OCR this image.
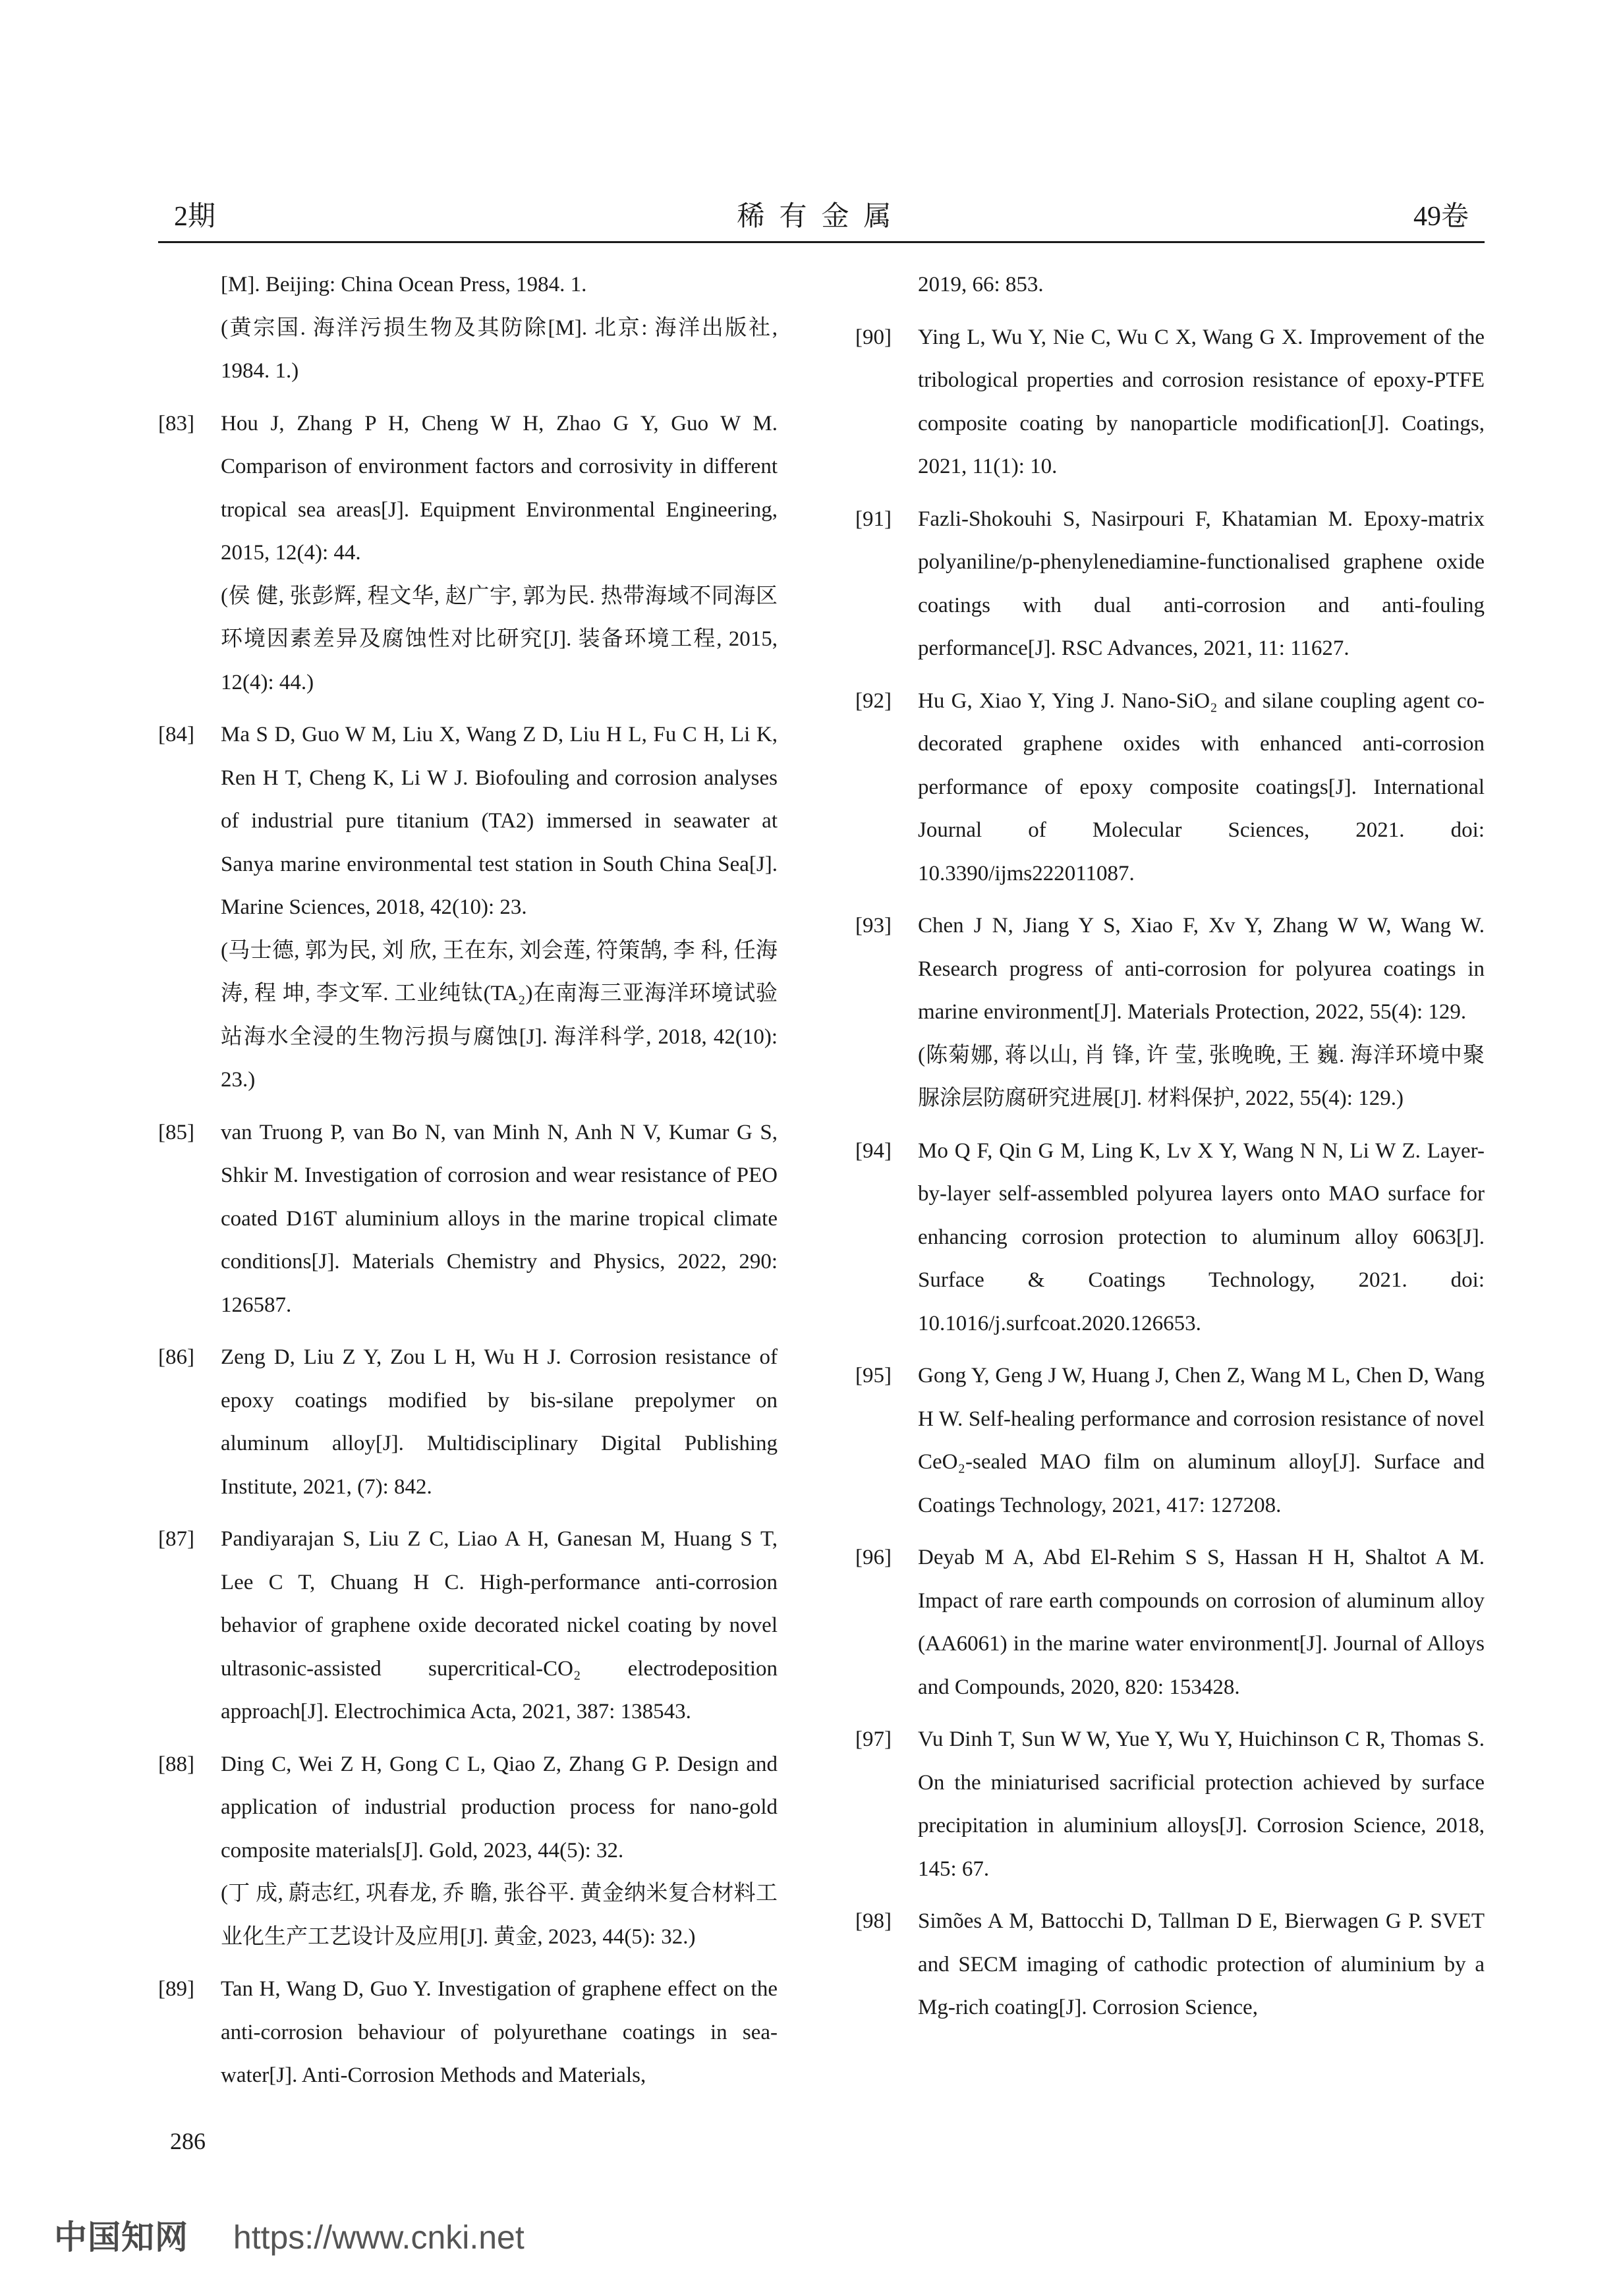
2期	稀有金属	49卷
[M]. Beijing: China Ocean Press, 1984. 1.
(黄宗国. 海洋污损生物及其防除[M]. 北京: 海洋出版社, 1984. 1.)
[83] Hou J, Zhang P H, Cheng W H, Zhao G Y, Guo W M. Comparison of environment factors and corrosivity in different tropical sea areas[J]. Equipment Environmental Engineering, 2015, 12(4): 44.
(侯 健, 张彭辉, 程文华, 赵广宇, 郭为民. 热带海域不同海区环境因素差异及腐蚀性对比研究[J]. 装备环境工程, 2015, 12(4): 44.)
[84] Ma S D, Guo W M, Liu X, Wang Z D, Liu H L, Fu C H, Li K, Ren H T, Cheng K, Li W J. Biofouling and corrosion analyses of industrial pure titanium (TA2) immersed in seawater at Sanya marine environmental test station in South China Sea[J]. Marine Sciences, 2018, 42(10): 23.
(马士德, 郭为民, 刘 欣, 王在东, 刘会莲, 符策鹄, 李 科, 任海涛, 程 坤, 李文军. 工业纯钛(TA₂)在南海三亚海洋环境试验站海水全浸的生物污损与腐蚀[J]. 海洋科学, 2018, 42(10): 23.)
[85] van Truong P, van Bo N, van Minh N, Anh N V, Kumar G S, Shkir M. Investigation of corrosion and wear resistance of PEO coated D16T aluminium alloys in the marine tropical climate conditions[J]. Materials Chemistry and Physics, 2022, 290: 126587.
[86] Zeng D, Liu Z Y, Zou L H, Wu H J. Corrosion resistance of epoxy coatings modified by bis-silane prepolymer on aluminum alloy[J]. Multidisciplinary Digital Publishing Institute, 2021, (7): 842.
[87] Pandiyarajan S, Liu Z C, Liao A H, Ganesan M, Huang S T, Lee C T, Chuang H C. High-performance anti-corrosion behavior of graphene oxide decorated nickel coating by novel ultrasonic-assisted supercritical-CO₂ electrodeposition approach[J]. Electrochimica Acta, 2021, 387: 138543.
[88] Ding C, Wei Z H, Gong C L, Qiao Z, Zhang G P. Design and application of industrial production process for nano-gold composite materials[J]. Gold, 2023, 44(5): 32.
(丁 成, 蔚志红, 巩春龙, 乔 瞻, 张谷平. 黄金纳米复合材料工业化生产工艺设计及应用[J]. 黄金, 2023, 44(5): 32.)
[89] Tan H, Wang D, Guo Y. Investigation of graphene effect on the anti-corrosion behaviour of polyurethane coatings in sea-water[J]. Anti-Corrosion Methods and Materials,
2019, 66: 853.
[90] Ying L, Wu Y, Nie C, Wu C X, Wang G X. Improvement of the tribological properties and corrosion resistance of epoxy-PTFE composite coating by nanoparticle modification[J]. Coatings, 2021, 11(1): 10.
[91] Fazli-Shokouhi S, Nasirpouri F, Khatamian M. Epoxy-matrix polyaniline/p-phenylenediamine-functionalised graphene oxide coatings with dual anti-corrosion and anti-fouling performance[J]. RSC Advances, 2021, 11: 11627.
[92] Hu G, Xiao Y, Ying J. Nano-SiO₂ and silane coupling agent co-decorated graphene oxides with enhanced anti-corrosion performance of epoxy composite coatings[J]. International Journal of Molecular Sciences, 2021. doi: 10.3390/ijms222011087.
[93] Chen J N, Jiang Y S, Xiao F, Xv Y, Zhang W W, Wang W. Research progress of anti-corrosion for polyurea coatings in marine environment[J]. Materials Protection, 2022, 55(4): 129.
(陈菊娜, 蒋以山, 肖 锋, 许 莹, 张晚晚, 王 巍. 海洋环境中聚脲涂层防腐研究进展[J]. 材料保护, 2022, 55(4): 129.)
[94] Mo Q F, Qin G M, Ling K, Lv X Y, Wang N N, Li W Z. Layer-by-layer self-assembled polyurea layers onto MAO surface for enhancing corrosion protection to aluminum alloy 6063[J]. Surface & Coatings Technology, 2021. doi: 10.1016/j.surfcoat.2020.126653.
[95] Gong Y, Geng J W, Huang J, Chen Z, Wang M L, Chen D, Wang H W. Self-healing performance and corrosion resistance of novel CeO₂-sealed MAO film on aluminum alloy[J]. Surface and Coatings Technology, 2021, 417: 127208.
[96] Deyab M A, Abd El-Rehim S S, Hassan H H, Shaltot A M. Impact of rare earth compounds on corrosion of aluminum alloy (AA6061) in the marine water environment[J]. Journal of Alloys and Compounds, 2020, 820: 153428.
[97] Vu Dinh T, Sun W W, Yue Y, Wu Y, Huichinson C R, Thomas S. On the miniaturised sacrificial protection achieved by surface precipitation in aluminium alloys[J]. Corrosion Science, 2018, 145: 67.
[98] Simões A M, Battocchi D, Tallman D E, Bierwagen G P. SVET and SECM imaging of cathodic protection of aluminium by a Mg-rich coating[J]. Corrosion Science,
286
中国知网 https://www.cnki.net
